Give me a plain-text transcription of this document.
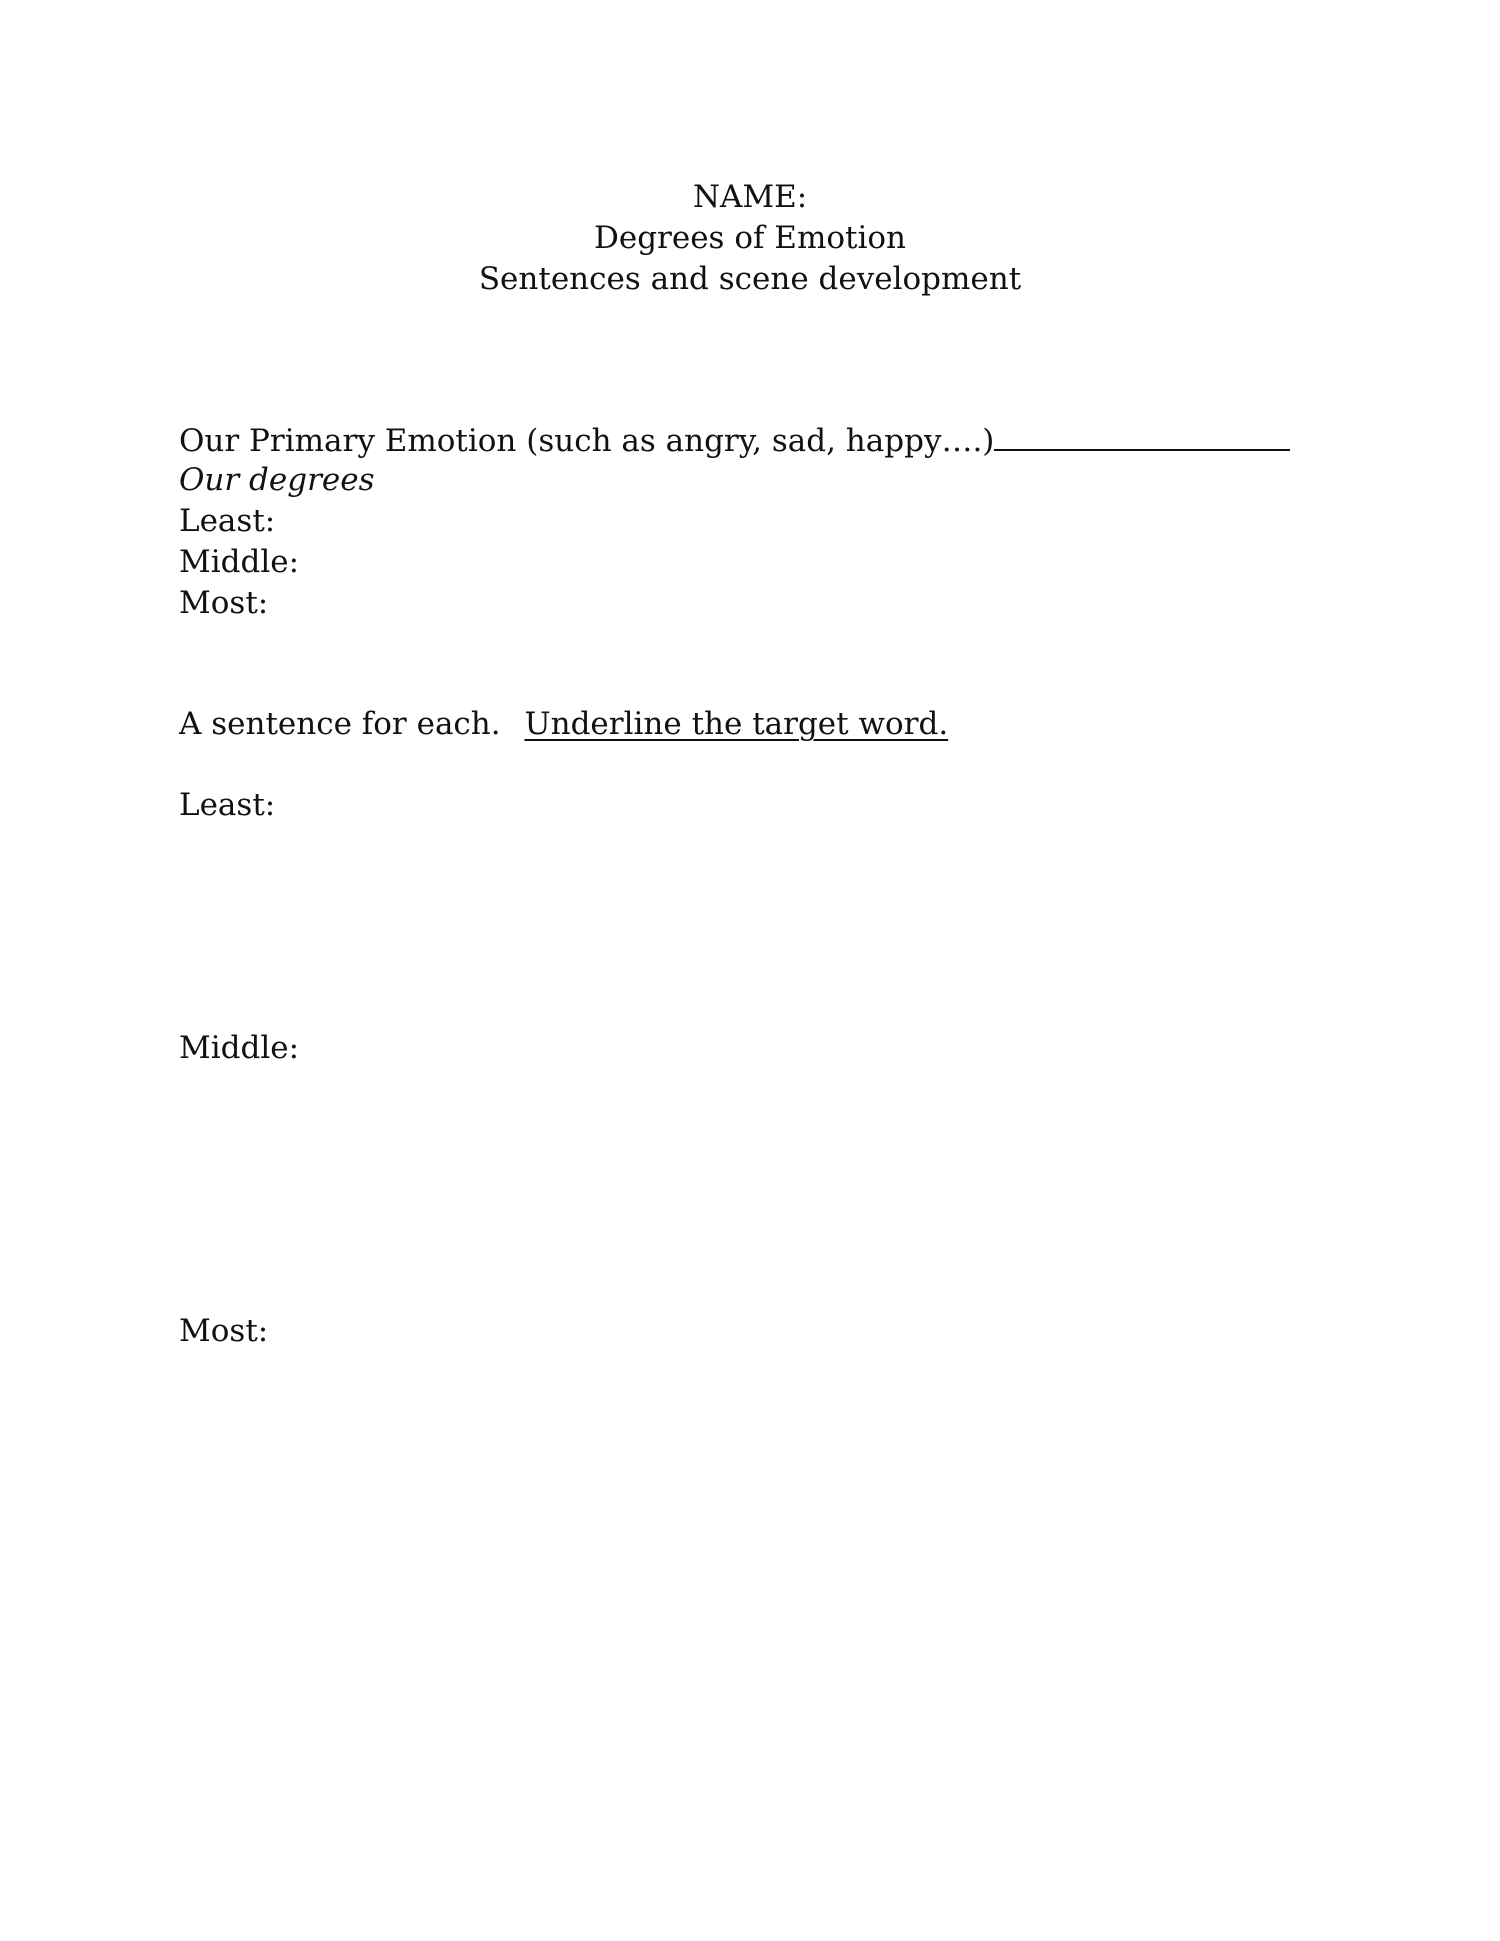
NAME:
Degrees of Emotion
Sentences and scene development
Our Primary Emotion (such as angry, sad, happy….)
Our degrees
Least:
Middle:
Most:
A sentence for each. Underline the target word.
Least:
Middle:
Most:
